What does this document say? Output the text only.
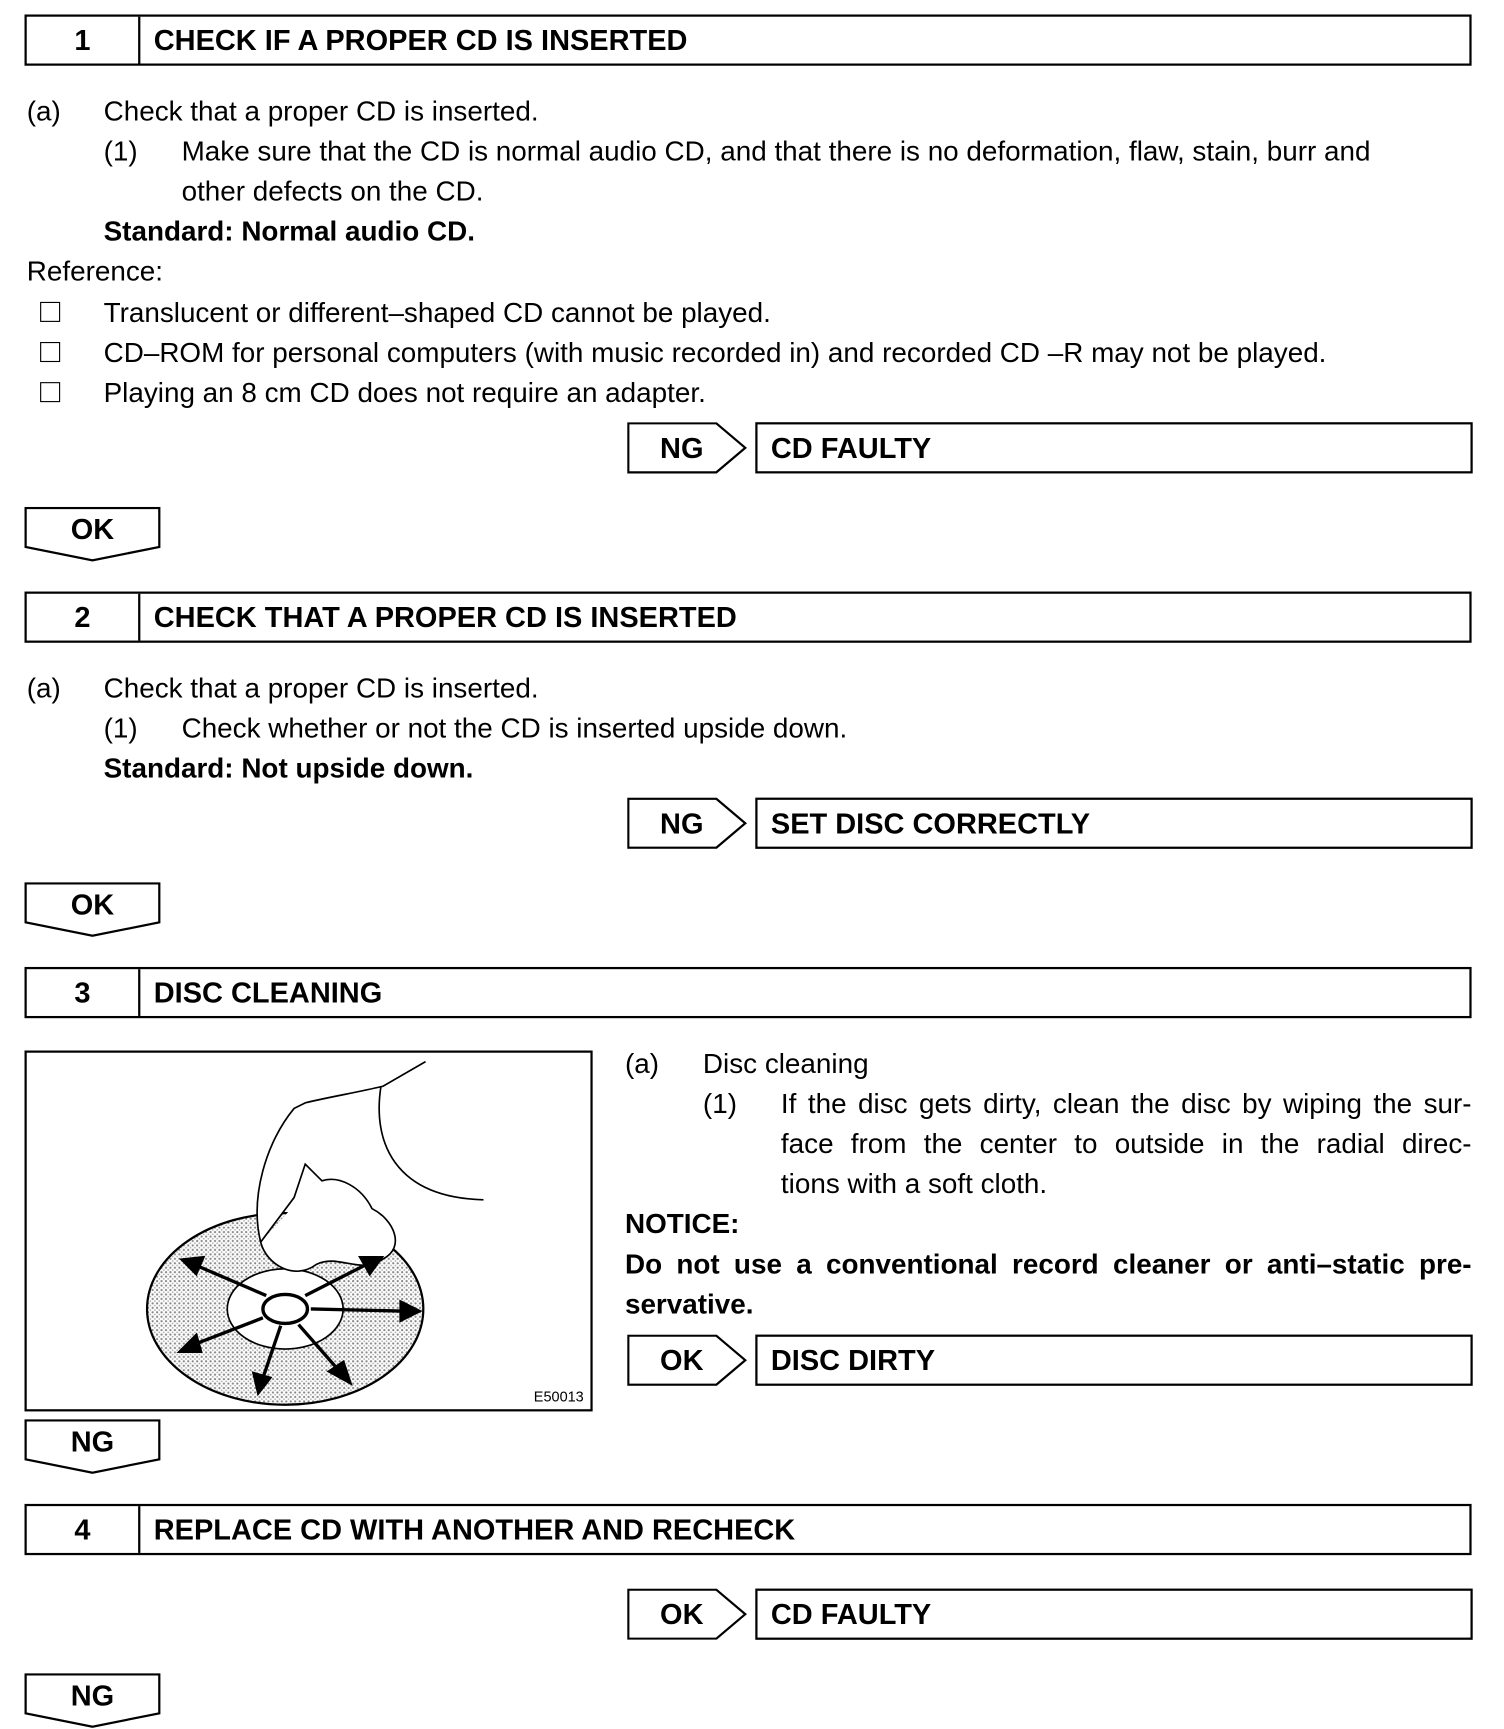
1	CHECK IF A PROPER CD IS INSERTED
(a) Check that a proper CD is inserted.
(1) Make sure that the CD is normal audio CD, and that there is no deformation, flaw, stain, burr and
other defects on the CD.
Standard: Normal audio CD.
Reference:
Translucent or different–shaped CD cannot be played.
CD–ROM for personal computers (with music recorded in) and recorded CD –R may not be played.
Playing an 8 cm CD does not require an adapter.
NG	CD FAULTY
OK
2	CHECK THAT A PROPER CD IS INSERTED
(a) Check that a proper CD is inserted.
(1) Check whether or not the CD is inserted upside down.
Standard: Not upside down.
NG	SET DISC CORRECTLY
OK
3	DISC CLEANING
E50013
(a) Disc cleaning
(1) If the disc gets dirty, clean the disc by wiping the sur-
face from the center to outside in the radial direc-
tions with a soft cloth.
NOTICE:
Do not use a conventional record cleaner or anti–static pre-
servative.
OK	DISC DIRTY
NG
4	REPLACE CD WITH ANOTHER AND RECHECK
OK	CD FAULTY
NG
